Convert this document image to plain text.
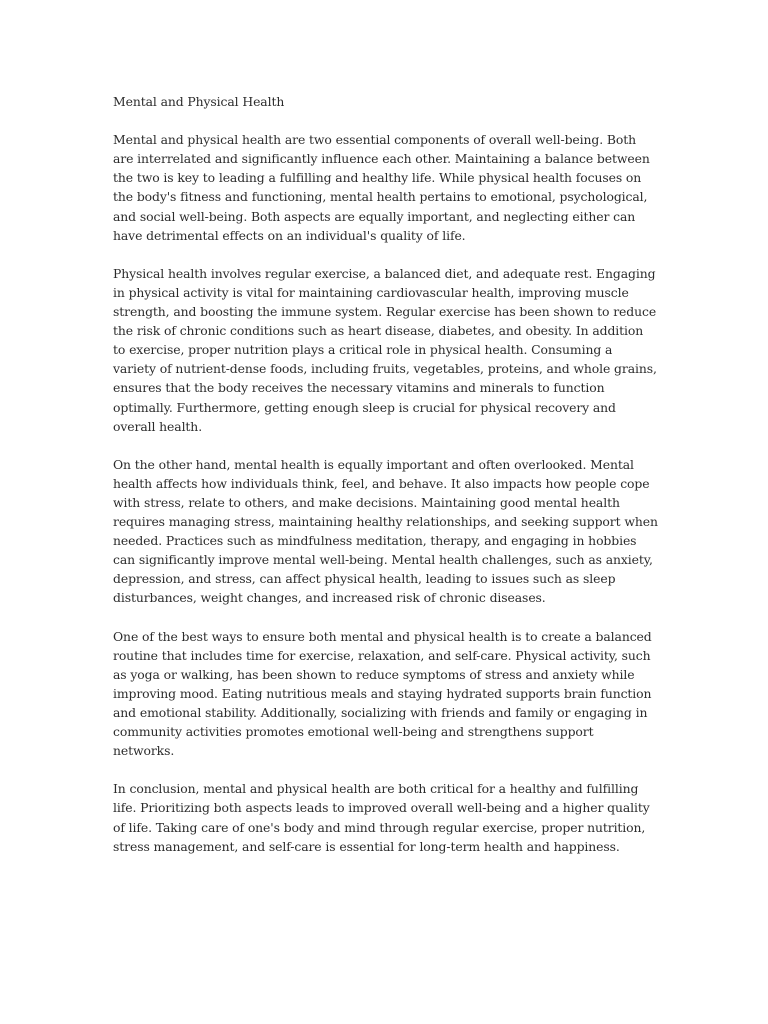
Mental and Physical Health

Mental and physical health are two essential components of overall well-being. Both are interrelated and significantly influence each other. Maintaining a balance between the two is key to leading a fulfilling and healthy life. While physical health focuses on the body's fitness and functioning, mental health pertains to emotional, psychological, and social well-being. Both aspects are equally important, and neglecting either can have detrimental effects on an individual's quality of life.

Physical health involves regular exercise, a balanced diet, and adequate rest. Engaging in physical activity is vital for maintaining cardiovascular health, improving muscle strength, and boosting the immune system. Regular exercise has been shown to reduce the risk of chronic conditions such as heart disease, diabetes, and obesity. In addition to exercise, proper nutrition plays a critical role in physical health. Consuming a variety of nutrient-dense foods, including fruits, vegetables, proteins, and whole grains, ensures that the body receives the necessary vitamins and minerals to function optimally. Furthermore, getting enough sleep is crucial for physical recovery and overall health.

On the other hand, mental health is equally important and often overlooked. Mental health affects how individuals think, feel, and behave. It also impacts how people cope with stress, relate to others, and make decisions. Maintaining good mental health requires managing stress, maintaining healthy relationships, and seeking support when needed. Practices such as mindfulness meditation, therapy, and engaging in hobbies can significantly improve mental well-being. Mental health challenges, such as anxiety, depression, and stress, can affect physical health, leading to issues such as sleep disturbances, weight changes, and increased risk of chronic diseases.

One of the best ways to ensure both mental and physical health is to create a balanced routine that includes time for exercise, relaxation, and self-care. Physical activity, such as yoga or walking, has been shown to reduce symptoms of stress and anxiety while improving mood. Eating nutritious meals and staying hydrated supports brain function and emotional stability. Additionally, socializing with friends and family or engaging in community activities promotes emotional well-being and strengthens support networks.

In conclusion, mental and physical health are both critical for a healthy and fulfilling life. Prioritizing both aspects leads to improved overall well-being and a higher quality of life. Taking care of one's body and mind through regular exercise, proper nutrition, stress management, and self-care is essential for long-term health and happiness.
